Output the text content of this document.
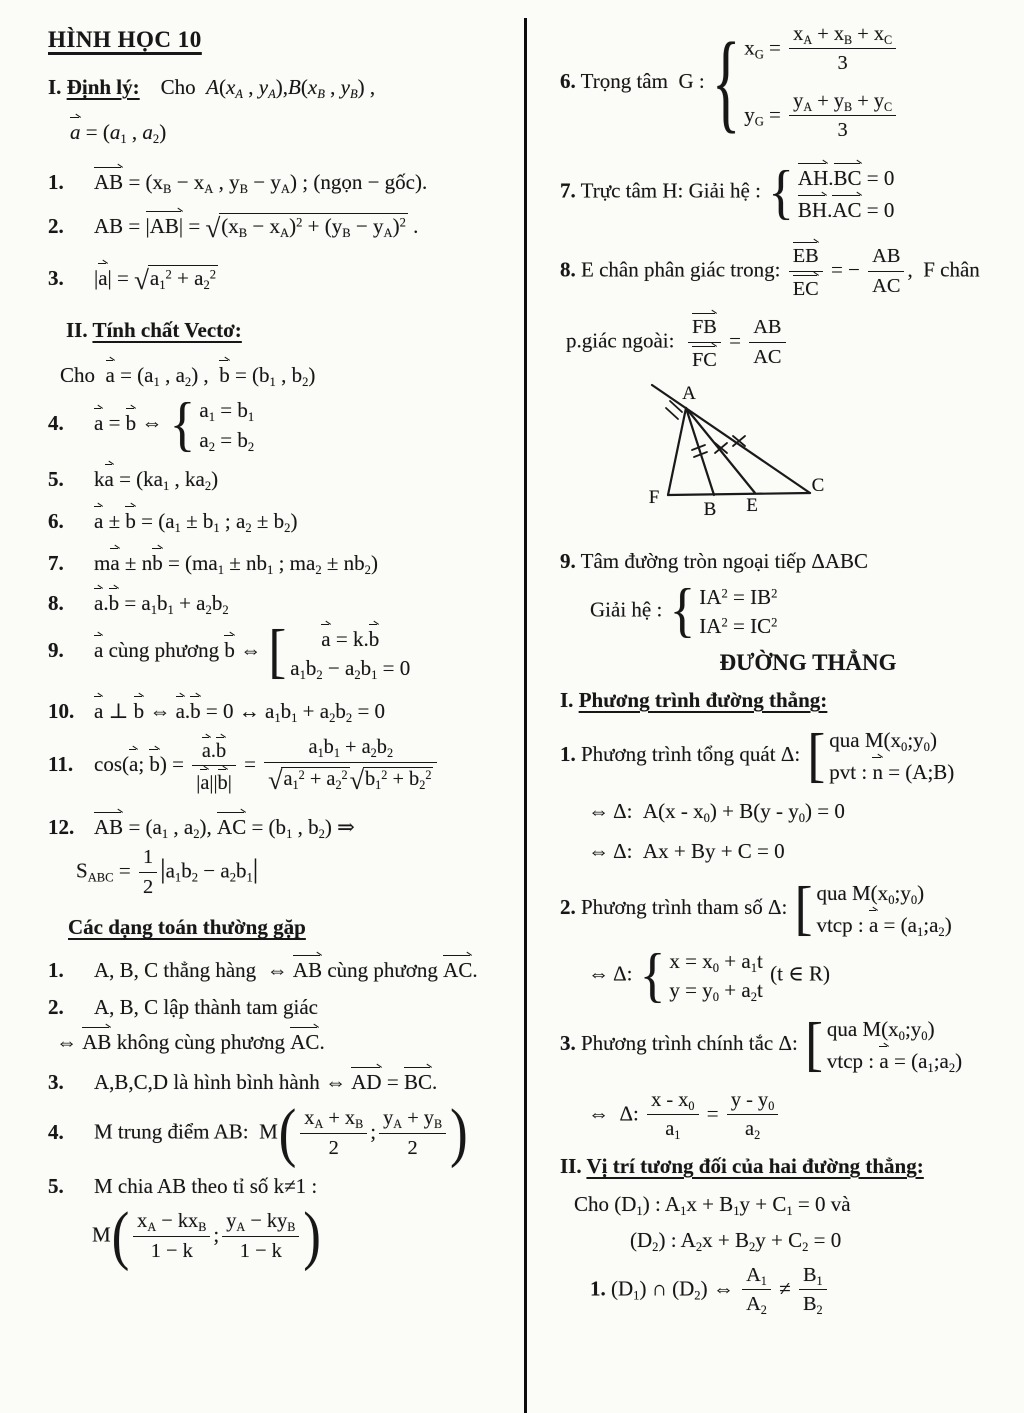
HÌNH HỌC 10
I. Định lý:    Cho  $A(x_A$ , $y_A),B(x_B$ , $y_B$) ,
$a = (a_1$ , $a_2$)
1. AB = ($x_B - x_A$ , $y_B - y_A$) ; (ngọn − gốc).
2. AB = $|AB| = √(x_B - x_A)^2 + (y_B - y_A)^2$ .
3. $|a| = √a_1^2 + a_2^2$
II. Tính chất Vectơ:
Cho  $a = (a_1$ , $a_2$) ,  $b = (b_1$ , $b_2$)
4. a = b ⇔ { $a_1 = b_1$
$a_2 = b_2$
5. ka = ($ka_1$ , $ka_2$)
6. $a \pm b = (a_1 \pm b_1$ ; $a_2 \pm b_2$)
7. ma ± nb = ($ma_1 \pm nb_1$ ; $ma_2 \pm nb_2$)
8. $a.b = a_1b_1 + a_2b_2$
9. a cùng phương b ⇔ [ a = k.b
$a_1b_2 - a_2b_1 = 0$
10. a ⊥ b ⇔ a.b = 0 ↔ $a_1b_1 + a_2b_2 = 0$
11. cos(a; $b) = \frac{a.b}{|a||b|} = \frac{a_1b_1 + a_2b_2}{√a_1^2 + a_2^2√b_1^2 + b_2^2}$
12. AB = ($a_1$ , $a_2$), AC = ($b_1$ , $b_2$) ⇒
$S_{ABC} = \frac{1}{2} |a_1b_2 - a_2b_1|$
Các dạng toán thường gặp
1. A, B, C thẳng hàng  ⇔ AB cùng phương AC.
2. A, B, C lập thành tam giác
⇔ AB không cùng phương AC.
3. A,B,C,D là hình bình hành ⇔ AD = BC.
4. M trung điểm AB:  $M( \frac{x_A + x_B}{2}$ ; $\frac{y_A + y_B}{2}$ )
5. M chia AB theo tỉ số k≠1 :
M( $x_A - kx_B$
1 − k
;
$y_A - ky_B$
1 − k )
6. Trọng tâm  G : { $x_G = \frac{x_A + x_B + x_C}{3}$
$y_G = \frac{y_A + y_B + y_C}{3}$
7. Trực tâm H: Giải hệ : { AH.BC = 0
BH.AC = 0
8. E chân phân giác trong: $\frac{EB}{EC}$ = − $\frac{AB}{AC}$ ,  F chân
p.giác ngoài: $\frac{FB}{FC} = \frac{AB}{AC}$
A
F
B E
C
9. Tâm đường tròn ngoại tiếp ΔABC
Giải hệ : { $IA^2 = IB^2$
$IA^2 = IC^2$
ĐƯỜNG THẲNG
I. Phương trình đường thẳng:
1. Phương trình tổng quát Δ: [ qua $M(x_0;y_0)$
pvt : n = (A;B)
⇔ Δ:  $A(x - x_0) + B(y - y_0) = 0$
⇔ Δ:  Ax + By + C = 0
2. Phương trình tham số Δ: [ qua $M(x_0;y_0)$
vtcp : $a = (a_1;a_2)$
⇔ Δ: { $x = x_0 + a_1t$
$y = y_0 + a_2t$
(t ∈ R)
3. Phương trình chính tắc Δ: [ qua $M(x_0;y_0)$
vtcp : $a = (a_1;a_2)$
⇔  Δ: $\frac{x - x_0}{a_1} = \frac{y - y_0}{a_2}$
II. Vị trí tương đối của hai đường thẳng:
Cho $(D_1)$ : $A_1x + B_1y + C_1 = 0$ và
$(D_2)$ : $A_2x + B_2y + C_2 = 0$
1. $(D_1)$ ∩ $(D_2)$ ⇔ $\frac{A_1}{A_2} \ne \frac{B_1}{B_2}$
